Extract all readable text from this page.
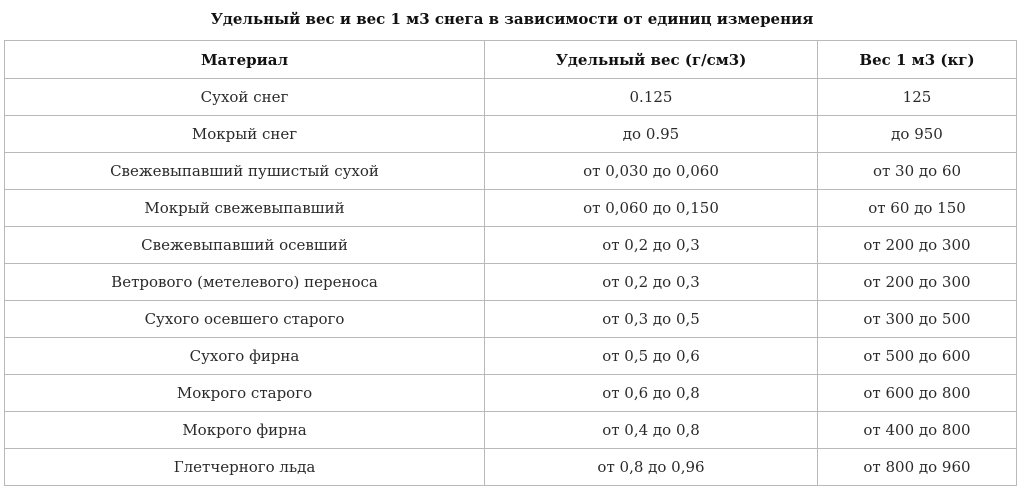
Удельный вес и вес 1 м3 снега в зависимости от единиц измерения
Материал	Удельный вес (г/см3)	Вес 1 м3 (кг)
Сухой снег	0.125	125
Мокрый снег	до 0.95	до 950
Свежевыпавший пушистый сухой	от 0,030 до 0,060	от 30 до 60
Мокрый свежевыпавший	от 0,060 до 0,150	от 60 до 150
Свежевыпавший осевший	от 0,2 до 0,3	от 200 до 300
Ветрового (метелевого) переноса	от 0,2 до 0,3	от 200 до 300
Сухого осевшего старого	от 0,3 до 0,5	от 300 до 500
Сухого фирна	от 0,5 до 0,6	от 500 до 600
Мокрого старого	от 0,6 до 0,8	от 600 до 800
Мокрого фирна	от 0,4 до 0,8	от 400 до 800
Глетчерного льда	от 0,8 до 0,96	от 800 до 960
